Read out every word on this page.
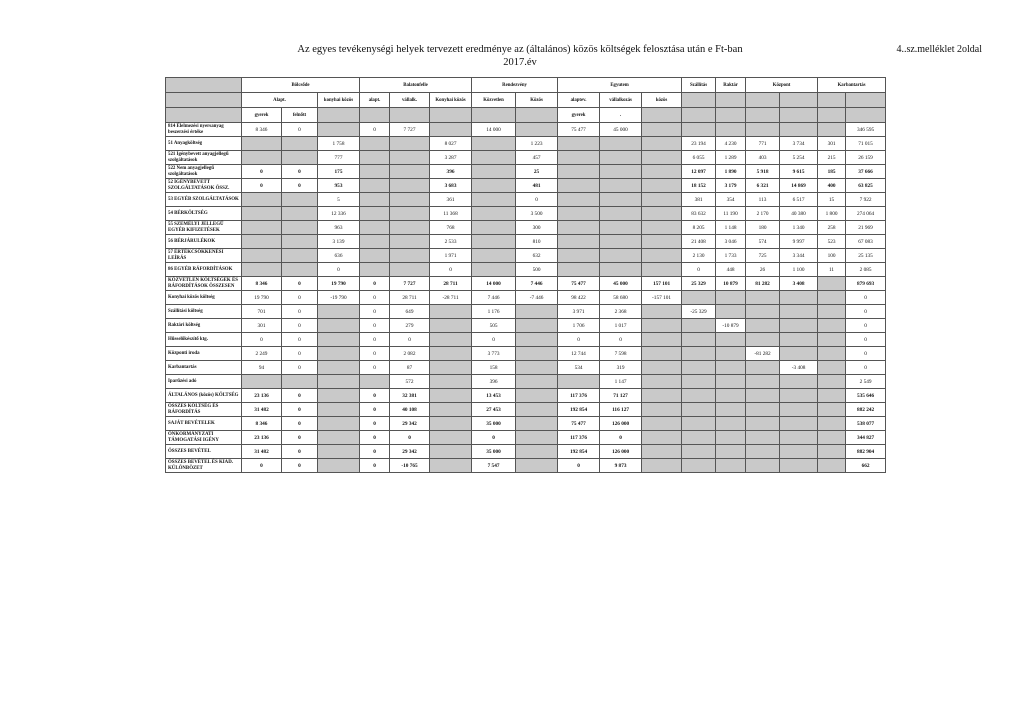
Az egyes tevékenységi helyek tervezett eredménye az (általános) közös költségek felosztása után e Ft-ban
2017.év
4..sz.melléklet 2oldal
	Bölcsőde			Balatonfelle			Rendezvény		Egyutem			Szállítás	Raktár	Központ		Karbantartás	
	Alapt.		konyhai közös	alapt.	vállalk.	Konyhai közös	Közvetlen	Közös	alaptev.	vállalkozás	közös							
	gyerek	felnőtt							gyerek	.								
814 Élelmezési nyersanyag beszerzési értéke	8 346	0		0	7 727		14 000		75 477	45 000							346 595	
51 Anyagköltség			1 758			8 027		1 223				23 194	4 230	771	3 734	301	71 015	
521 Igénybevett anyagjellegű szolgáltatások			777			3 287		457				6 055	1 289	403	5 254	215	26 159	
522 Nem anyagjellegű szolgáltatások	0	0	175			396		25				12 097	1 890	5 918	9 615	185	37 666	
52 IGÉNYBEVETT SZOLGÁLTATÁSOK ÖSSZ.	0	0	953			3 683		481				18 152	3 179	6 321	14 869	400	63 825	
53 EGYÉB SZOLGÁLTATÁSOK			5			361		0				381	354	113	6 517	15	7 922	
54 BÉRKÖLTSÉG			12 336			11 368		3 500				83 632	11 190	2 170	40 380	1 800	274 064	
55 SZEMÉLYI JELLEGŰ EGYÉB KIFIZETÉSEK			963			768		300				8 205	1 148	180	1 340	258	21 969	
56 BÉRJÁRULÉKOK			3 139			2 533		810				21 408	3 046	574	9 997	523	67 083	
57 ÉRTÉKCSÖKKENÉSI LEÍRÁS			636			1 971		632				2 130	1 733	725	3 344	100	25 135	
86 EGYÉB RÁFORDÍTÁSOK			0			0		500				0	448	26	1 100	11	2 085	
KÖZVETLEN KÖLTSÉGEK ÉS RÁFORDÍTÁSOK ÖSSZESEN	8 346	0	19 790	0	7 727	28 711	14 000	7 446	75 477	45 000	157 101	25 329	10 879	81 282	3 408		879 693	
Konyhai közös költség	19 790	0	-19 790	0	28 711	-28 711	7 446	-7 446	98 422	58 680	-157 101						0	
Szállítási költség	701	0		0	649		1 176		3 971	2 368		-25 329					0	
Raktári költség	301	0		0	279		505		1 706	1 017			-10 879				0	
Hűsselőkészítő ktg.	0	0		0	0		0		0	0							0	
Központi iroda	2 249	0		0	2 082		3 773		12 744	7 598				-81 282			0	
Karbantartás	94	0		0	87		158		534	319					-3 408		0	
Iparűzési adó					572		396			1 147							2 549	
ÁLTALÁNOS (közös) KÖLTSÉG	23 136	0		0	32 381		13 453		117 376	71 127							535 646	
ÖSSZES KÖLTSÉG ÉS RÁFORDÍTÁS	31 482	0		0	40 108		27 453		192 854	116 127							882 242	
SAJÁT BEVÉTELEK	8 346	0		0	29 342		35 000		75 477	126 000							538 077	
ÖNKORMÁNYZATI TÁMOGATÁSI IGÉNY	23 136	0		0	0		0		117 376	0							344 827	
ÖSSZES BEVÉTEL	31 482	0		0	29 342		35 000		192 854	126 000							882 904	
ÖSSZES BEVÉTEL ÉS KIAD. KÜLÖNBÖZET	0	0		0	-10 765		7 547		0	9 873							662	
